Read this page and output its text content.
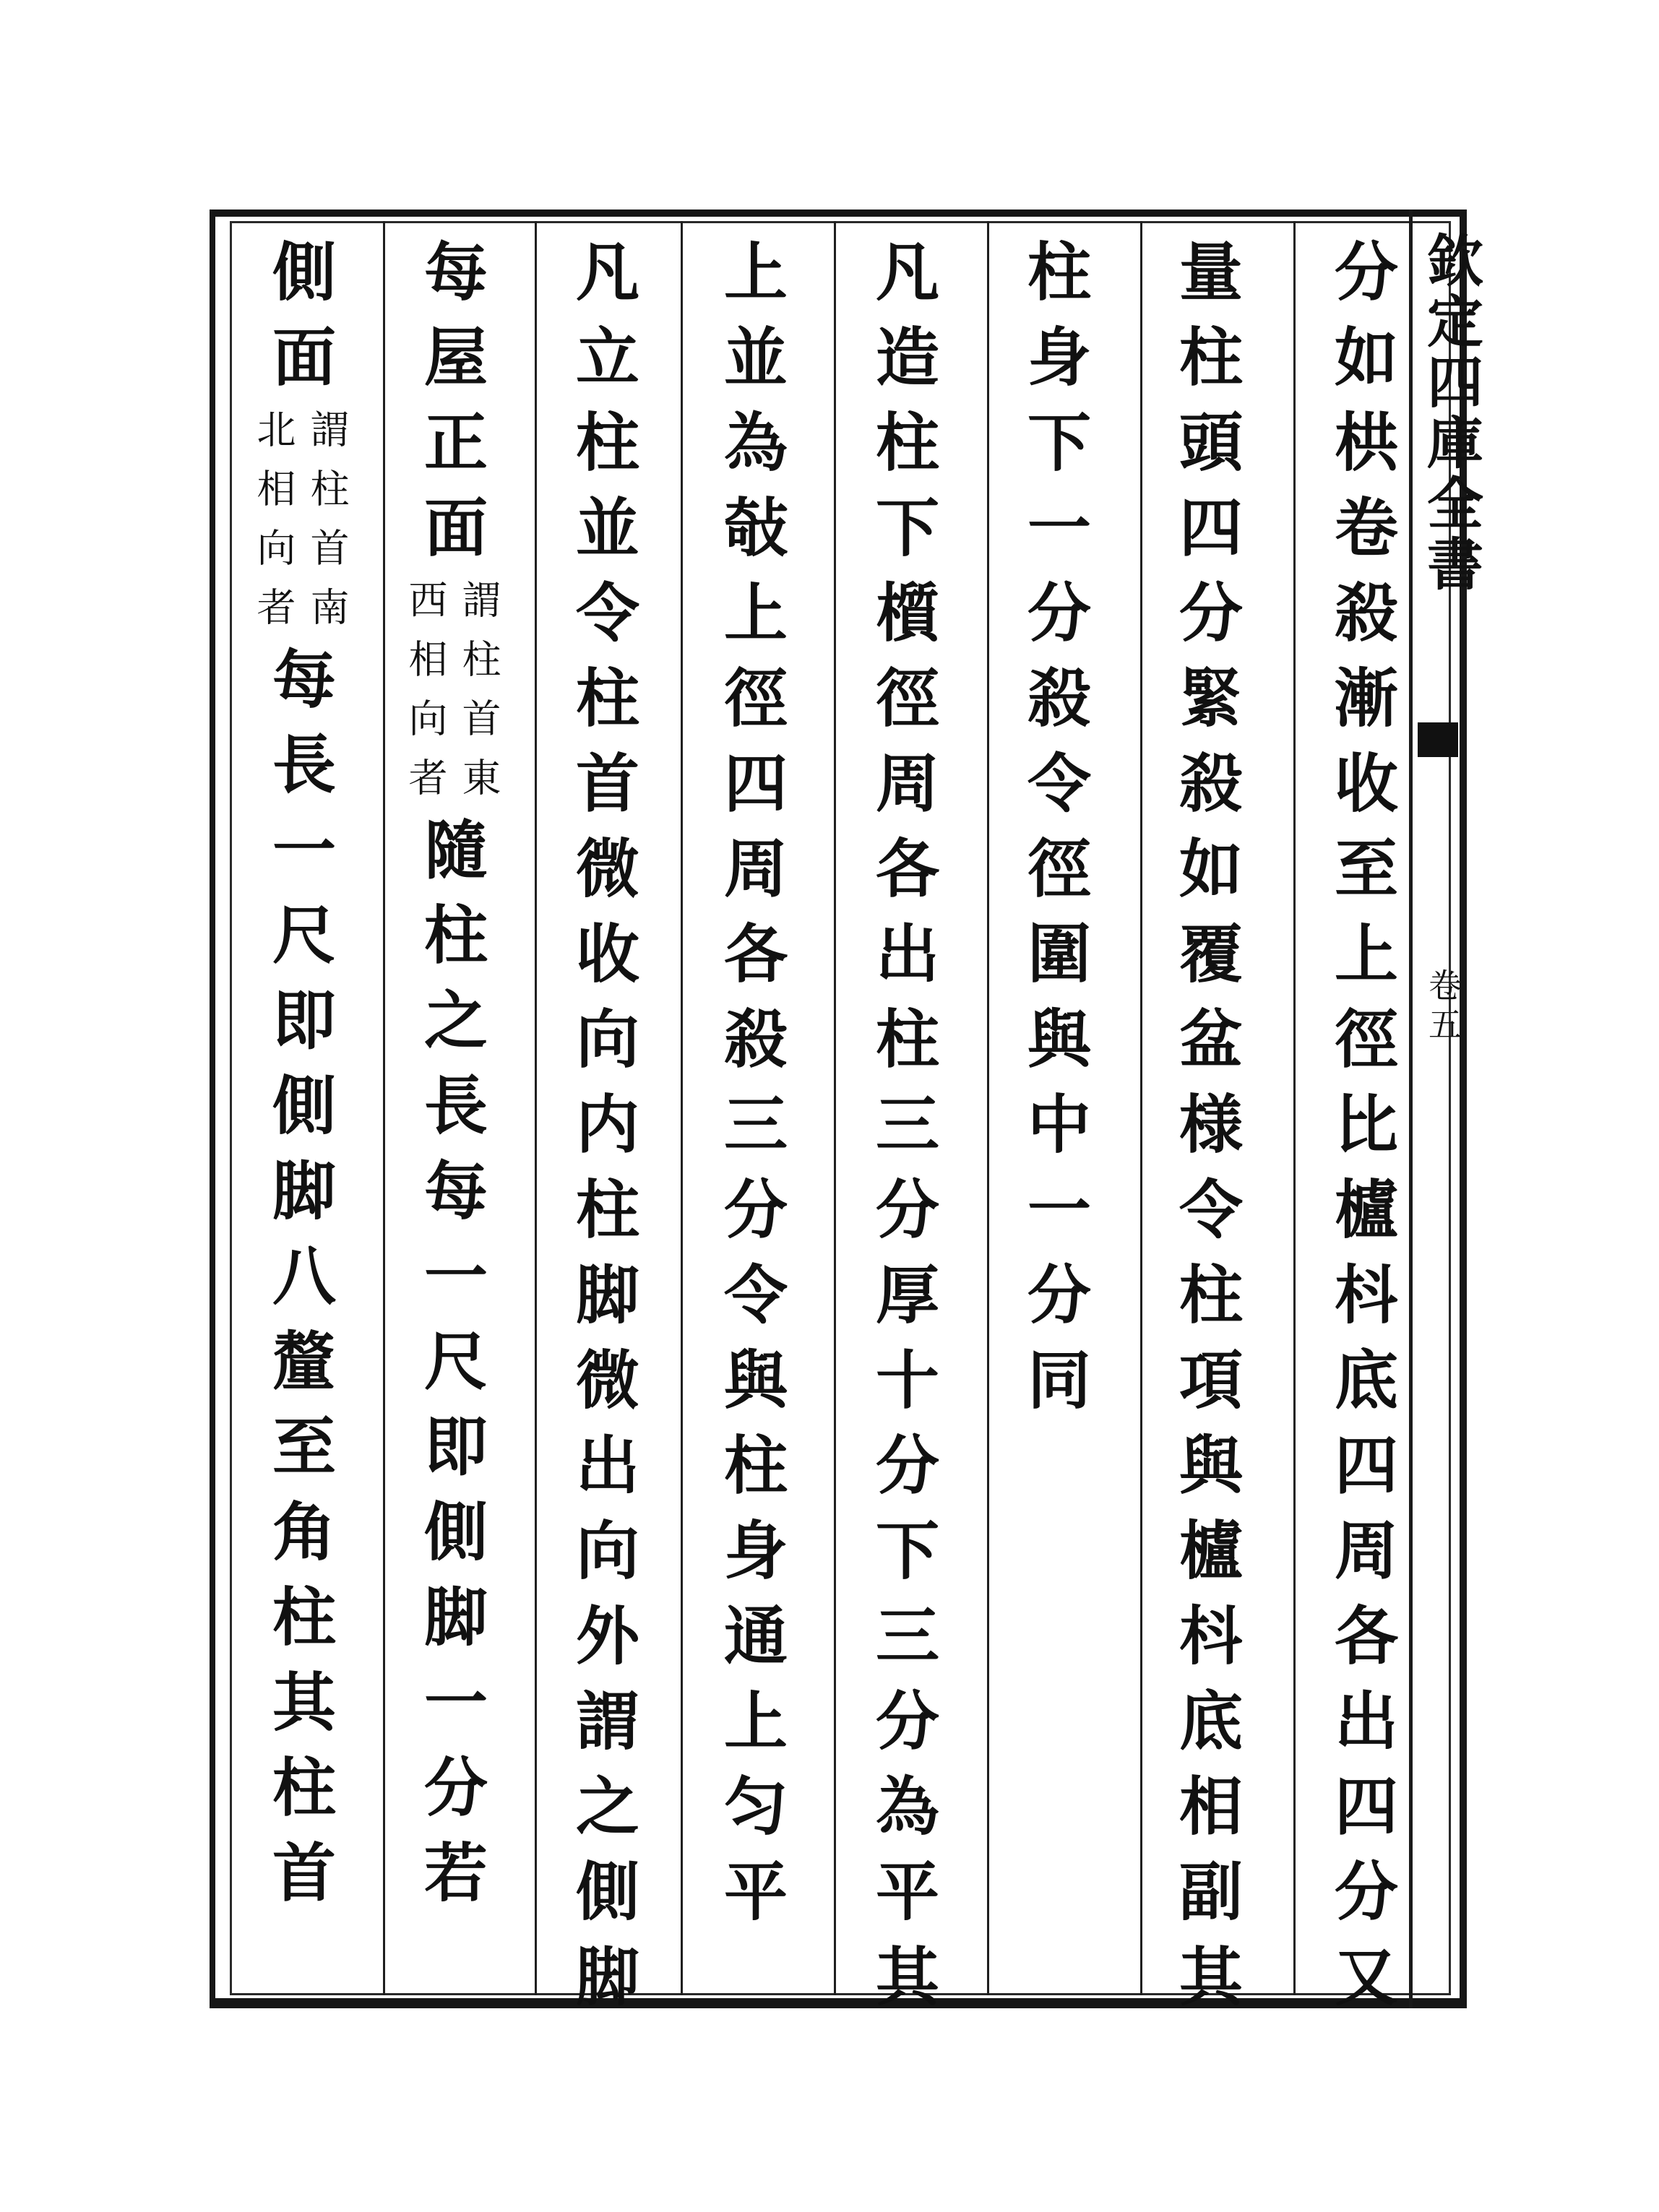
欽定四庫全書
卷五
分如栱卷殺漸收至上徑比櫨枓底四周各出四分又
量柱頭四分緊殺如覆盆様令柱項與櫨枓底相副其
柱身下一分殺令徑圍與中一分同
凡造柱下櫍徑周各出柱三分厚十分下三分為平其
上並為敧上徑四周各殺三分令與柱身通上匀平
凡立柱並令柱首微收向内柱脚微出向外謂之側脚
每屋正面
謂柱首東
西相向者
隨柱之長每一尺即側脚一分若
側面
謂柱首南
北相向者
每長一尺即側脚八釐至角柱其柱首
